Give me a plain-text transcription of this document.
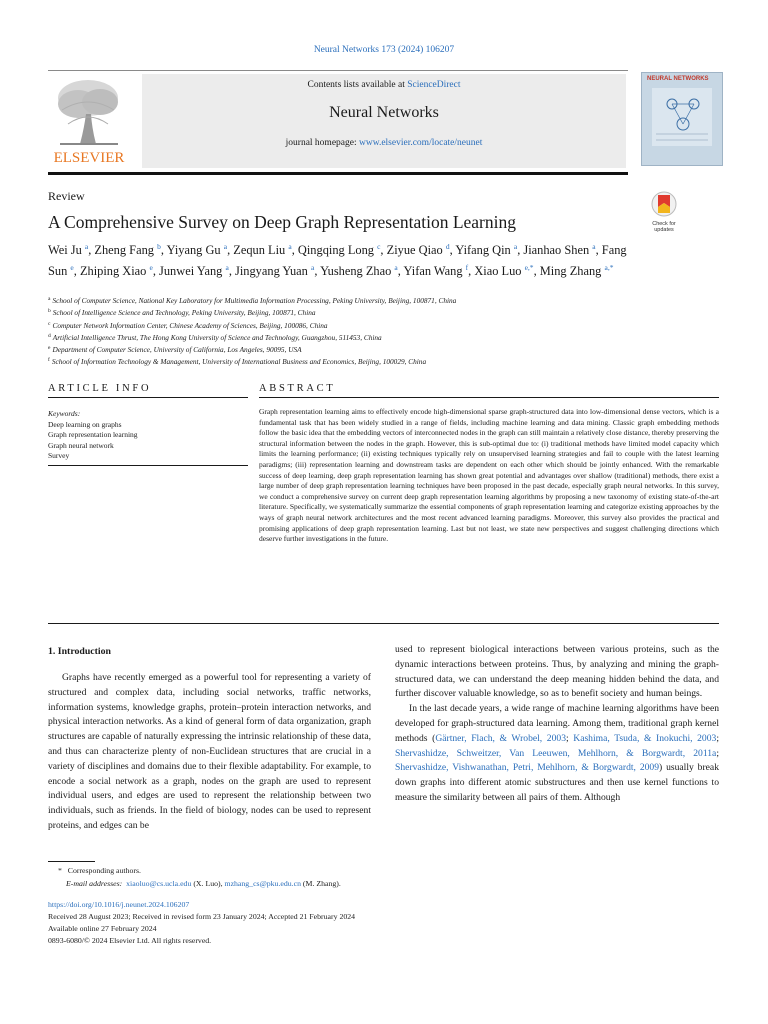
Neural Networks 173 (2024) 106207
ELSEVIER
Contents lists available at ScienceDirect
Neural Networks
journal homepage: www.elsevier.com/locate/neunet
NEURAL NETWORKS
Review
A Comprehensive Survey on Deep Graph Representation Learning	Check for
updates
Wei Ju $^a$, Zheng Fang $^b$, Yiyang Gu $^a$, Zequn Liu $^a$, Qingqing Long $^c$, Ziyue Qiao $^d$, Yifang Qin $^a$, Jianhao Shen $^a$, Fang Sun $^e$, Zhiping Xiao $^e$, Junwei Yang $^a$, Jingyang Yuan $^a$, Yusheng Zhao $^a$, Yifan Wang $^f$, Xiao Luo $^{e,*}$, Ming Zhang $^{a,*}$
$^a$ School of Computer Science, National Key Laboratory for Multimedia Information Processing, Peking University, Beijing, 100871, China
$^b$ School of Intelligence Science and Technology, Peking University, Beijing, 100871, China
$^c$ Computer Network Information Center, Chinese Academy of Sciences, Beijing, 100086, China
$^d$ Artificial Intelligence Thrust, The Hong Kong University of Science and Technology, Guangzhou, 511453, China
$^e$ Department of Computer Science, University of California, Los Angeles, 90095, USA
$^f$ School of Information Technology & Management, University of International Business and Economics, Beijing, 100029, China
ARTICLE INFO	ABSTRACT
Keywords:
Deep learning on graphs
Graph representation learning
Graph neural network
Survey
Graph representation learning aims to effectively encode high-dimensional sparse graph-structured data into low-dimensional dense vectors, which is a fundamental task that has been widely studied in a range of fields, including machine learning and data mining. Classic graph embedding methods follow the basic idea that the embedding vectors of interconnected nodes in the graph can still maintain a relatively close distance, thereby preserving the structural information between the nodes in the graph. However, this is sub-optimal due to: (i) traditional methods have limited model capacity which limits the learning performance; (ii) existing techniques typically rely on unsupervised learning strategies and fail to couple with the latest learning paradigms; (iii) representation learning and downstream tasks are dependent on each other which should be jointly enhanced. With the remarkable success of deep learning, deep graph representation learning has shown great potential and advantages over shallow (traditional) methods, there exist a large number of deep graph representation learning techniques have been proposed in the past decade, especially graph neural networks. In this survey, we conduct a comprehensive survey on current deep graph representation learning algorithms by proposing a new taxonomy of existing state-of-the-art literature. Specifically, we systematically summarize the essential components of graph representation learning and categorize existing approaches by the ways of graph neural network architectures and the most recent advanced learning paradigms. Moreover, this survey also provides the practical and promising applications of deep graph representation learning. Last but not least, we state new perspectives and suggest challenging directions which deserve further investigations in the future.
1. Introduction

Graphs have recently emerged as a powerful tool for representing a variety of structured and complex data, including social networks, traffic networks, information systems, knowledge graphs, protein–protein interaction networks, and physical interaction networks. As a kind of general form of data organization, graph structures are capable of naturally expressing the intrinsic relationship of these data, and thus can characterize plenty of non-Euclidean structures that are crucial in a variety of disciplines and domains due to their flexible adaptability. For example, to encode a social network as a graph, nodes on the graph are used to represent individual users, and edges are used to represent the relationship between two individuals, such as friends. In the field of biology, nodes can be used to represent proteins, and edges can be

used to represent biological interactions between various proteins, such as the dynamic interactions between proteins. Thus, by analyzing and mining the graph-structured data, we can understand the deep meaning hidden behind the data, and further discover valuable knowledge, so as to benefit society and human beings.

In the last decade years, a wide range of machine learning algorithms have been developed for graph-structured data learning. Among them, traditional graph kernel methods (Gärtner, Flach, & Wrobel, 2003; Kashima, Tsuda, & Inokuchi, 2003; Shervashidze, Schweitzer, Van Leeuwen, Mehlhorn, & Borgwardt, 2011a; Shervashidze, Vishwanathan, Petri, Mehlhorn, & Borgwardt, 2009) usually break down graphs into different atomic substructures and then use kernel functions to measure the similarity between all pairs of them. Although

* Corresponding authors.
E-mail addresses: xiaoluo@cs.ucla.edu (X. Luo), mzhang_cs@pku.edu.cn (M. Zhang).
https://doi.org/10.1016/j.neunet.2024.106207
Received 28 August 2023; Received in revised form 23 January 2024; Accepted 21 February 2024
Available online 27 February 2024
0893-6080/© 2024 Elsevier Ltd. All rights reserved.
